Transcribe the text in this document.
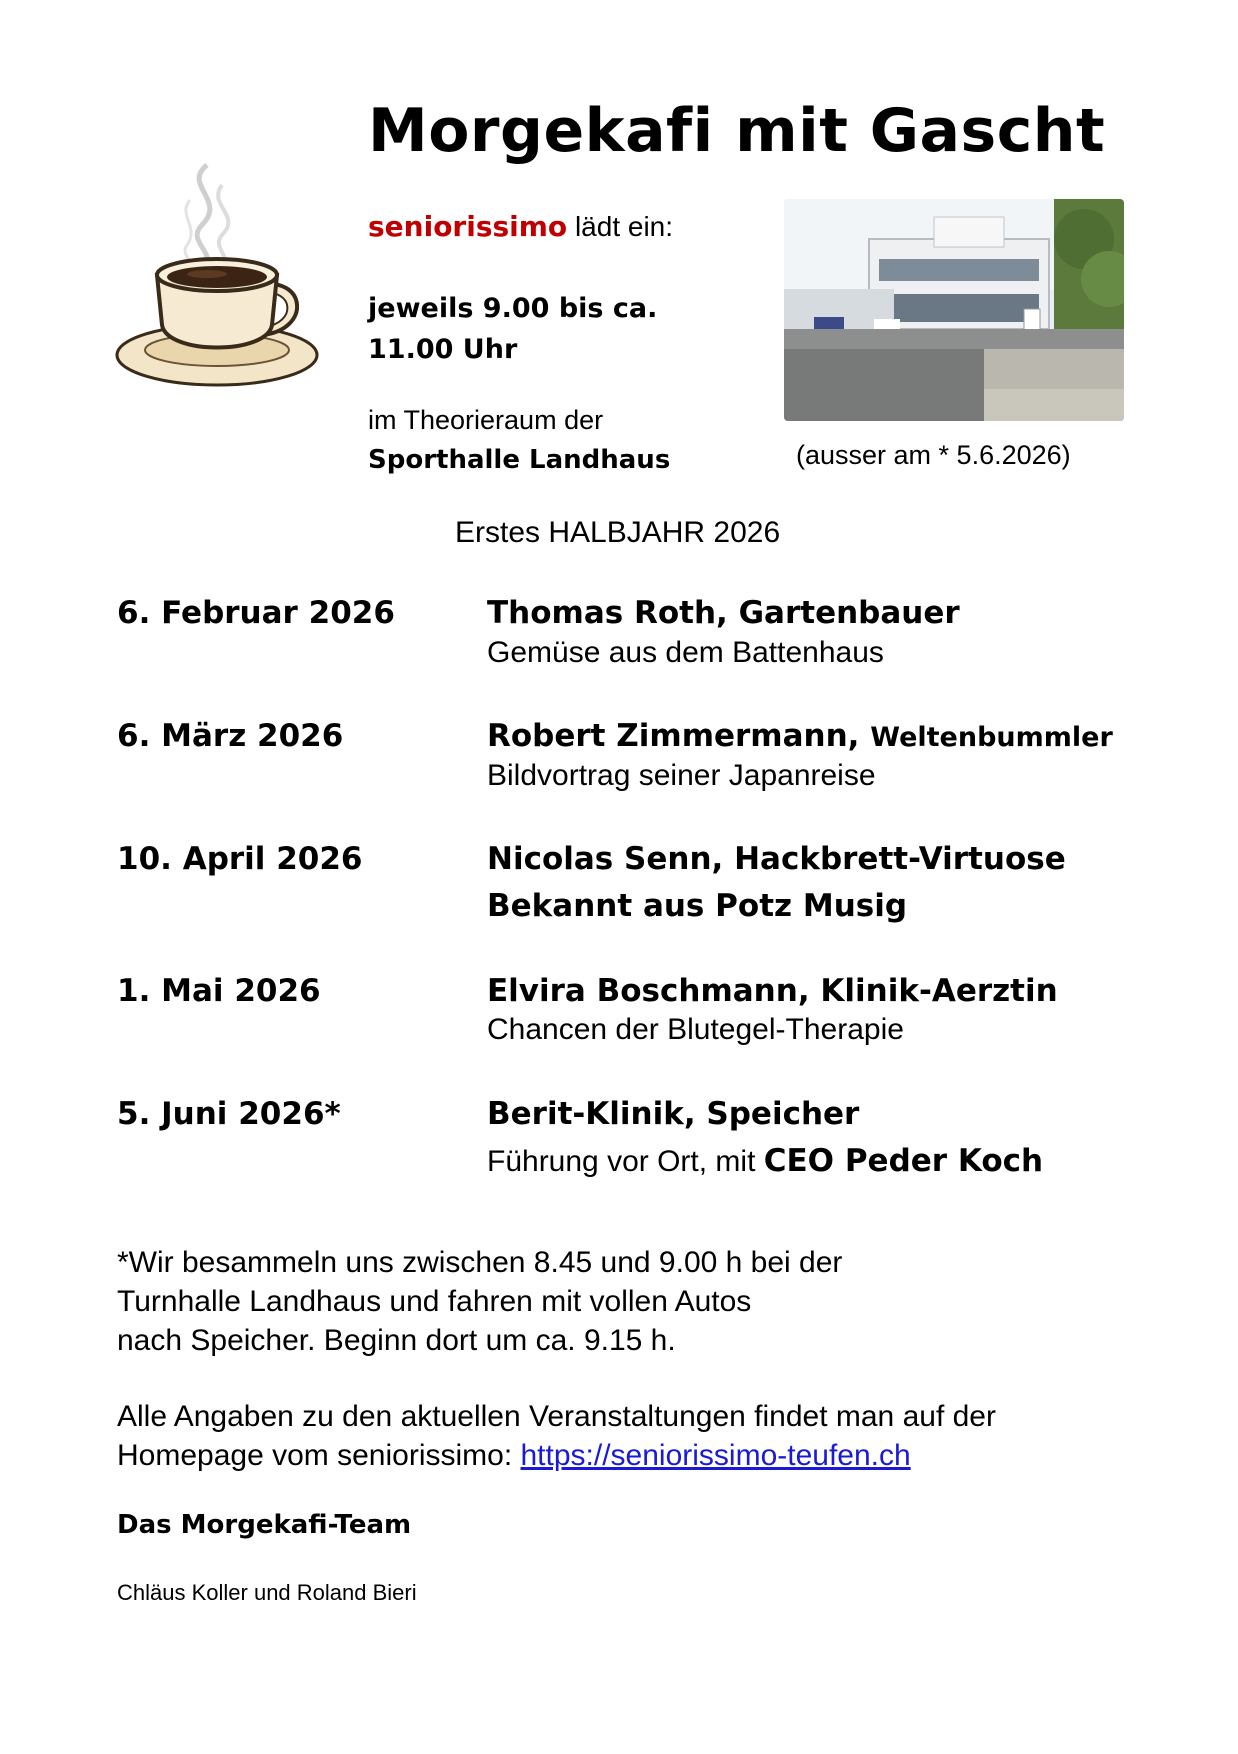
Morgekafi mit Gascht
seniorissimo lädt ein:
jeweils 9.00 bis ca.
11.00 Uhr
im Theorieraum der
Sporthalle Landhaus	(ausser am * 5.6.2026)
Erstes HALBJAHR 2026
6. Februar 2026	Thomas Roth, Gartenbauer
Gemüse aus dem Battenhaus
6. März 2026	Robert Zimmermann, Weltenbummler
Bildvortrag seiner Japanreise
10. April 2026	Nicolas Senn, Hackbrett-Virtuose
Bekannt aus Potz Musig
1. Mai 2026	Elvira Boschmann, Klinik-Aerztin
Chancen der Blutegel-Therapie
5. Juni 2026*	Berit-Klinik, Speicher
Führung vor Ort, mit CEO Peder Koch
*Wir besammeln uns zwischen 8.45 und 9.00 h bei der
Turnhalle Landhaus und fahren mit vollen Autos
nach Speicher. Beginn dort um ca. 9.15 h.
Alle Angaben zu den aktuellen Veranstaltungen findet man auf der
Homepage vom seniorissimo: https://seniorissimo-teufen.ch
Das Morgekafi-Team
Chläus Koller und Roland Bieri
